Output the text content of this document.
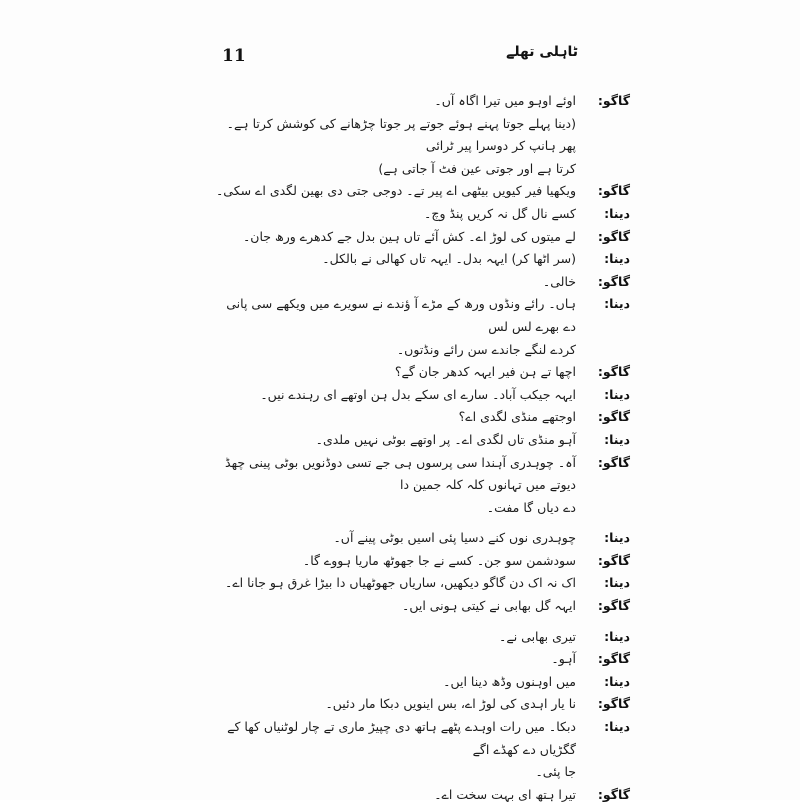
11	ٹاہلی تھلے
گاگو:
اوئے اوہو میں تیرا اگاہ آں۔
(دینا پہلے جوتا پہنے ہوئے جوتے پر جوتا چڑھانے کی کوشش کرتا ہے۔ پھر ہانپ کر دوسرا پیر ٹرائی
کرتا ہے اور جوتی عین فٹ آ جاتی ہے)
گاگو:
ویکھیا فیر کیویں بیٹھی اے پیر تے۔ دوجی جتی دی بھین لگدی اے سکی۔
دینا:
کسے نال گل نہ کریں پنڈ وچ۔
گاگو:
لے میتوں کی لوڑ اے۔ کش آئے تاں ہین بدل جے کدھرے ورھ جان۔
دینا:
(سر اٹھا کر) ایہہ بدل۔ ایہہ تاں کھالی نے بالکل۔
گاگو:
خالی۔
دینا:
ہاں۔ رائے ونڈوں ورھ کے مڑے آ ؤندے نے سویرے میں ویکھے سی پانی دے بھرے لس لس
کردے لنگے جاندے سن رائے ونڈتوں۔
گاگو:
اچھا تے ہن فیر ایہہ کدھر جان گے؟
دینا:
ایہہ جیکب آباد۔ سارے ای سکے بدل ہن اوتھے ای رہندے نیں۔
گاگو:
اوجتھے منڈی لگدی اے؟
دینا:
آہو منڈی تاں لگدی اے۔ پر اوتھے بوٹی نہیں ملدی۔
گاگو:
آہ۔ چوہدری آہندا سی پرسوں ہی جے تسی دوڈنویں بوٹی پینی چھڈ دیوتے میں تہانوں کلہ کلہ جمین دا
دے دیاں گا مفت۔
دینا:
چوہدری نوں کنے دسیا پئی اسیں بوٹی پینے آں۔
گاگو:
سودشمن سو جن۔ کسے نے جا جھوٹھ ماریا ہووے گا۔
دینا:
اک نہ اک دن گاگو دیکھیں، ساریاں جھوٹھیاں دا بیڑا غرق ہو جانا اے۔
گاگو:
ایہہ گل بھابی نے کیتی ہونی ایں۔
دینا:
تیری بھابی نے۔
گاگو:
آہو۔
دینا:
میں اوہنوں وڈھ دینا ایں۔
گاگو:
نا یار اہدی کی لوڑ اے، بس اینویں دبکا مار دئیں۔
دینا:
دبکا۔ میں رات اوہدے پٹھے ہاتھ دی چپیڑ ماری تے چار لوٹنیاں کھا کے گگڑیاں دے کھڈے اگے
جا پئی۔
گاگو:
تیرا ہتھ ای بہت سخت اے۔
